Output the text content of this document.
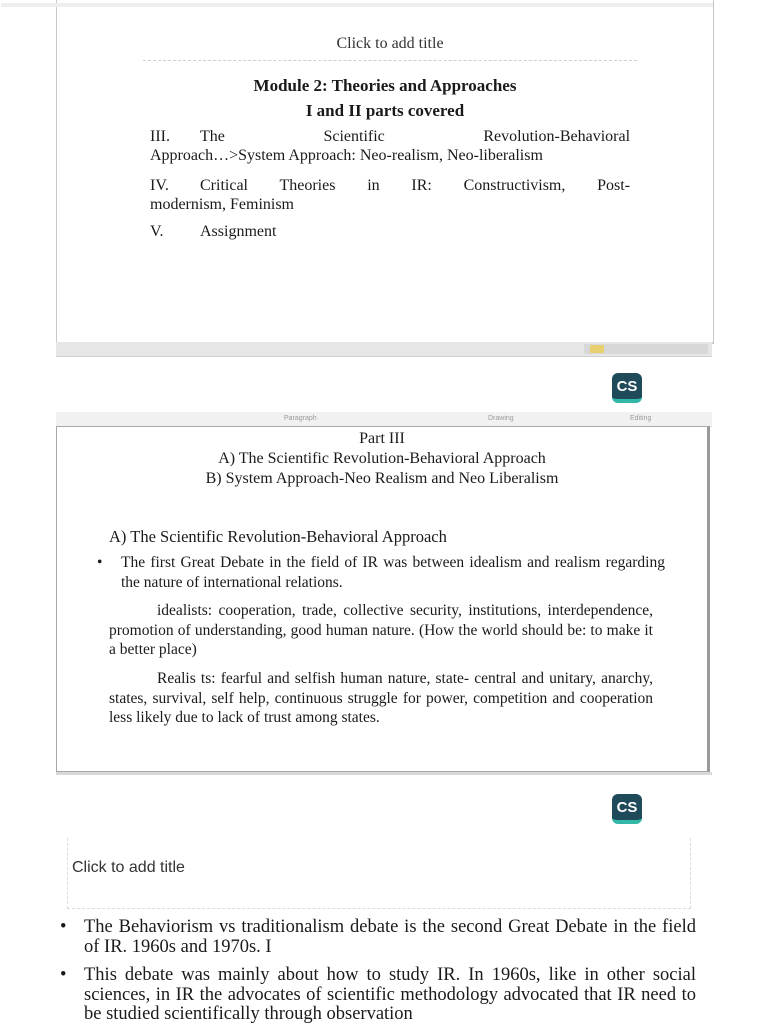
Click to add title
Module 2: Theories and Approaches
I and II parts covered
III. The	Scientific	Revolution-Behavioral
Approach…>System Approach: Neo-realism, Neo-liberalism
IV. Critical Theories in IR: Constructivism, Post-
modernism, Feminism
V. Assignment
CS
Paragraph	Drawing	Editing
Part III
A) The Scientific Revolution-Behavioral Approach
B) System Approach-Neo Realism and Neo Liberalism
A) The Scientific Revolution-Behavioral Approach
• The first Great Debate in the field of IR was between idealism and realism regarding the nature of international relations.
idealists: cooperation, trade, collective security, institutions, interdependence, promotion of understanding, good human nature. (How the world should be: to make it a better place)
Realis ts: fearful and selfish human nature, state- central and unitary, anarchy, states, survival, self help, continuous struggle for power, competition and cooperation less likely due to lack of trust among states.
CS
Click to add title
• The Behaviorism vs traditionalism debate is the second Great Debate in the field of IR. 1960s and 1970s. I
• This debate was mainly about how to study IR. In 1960s, like in other social sciences, in IR the advocates of scientific methodology advocated that IR need to be studied scientifically through observation
